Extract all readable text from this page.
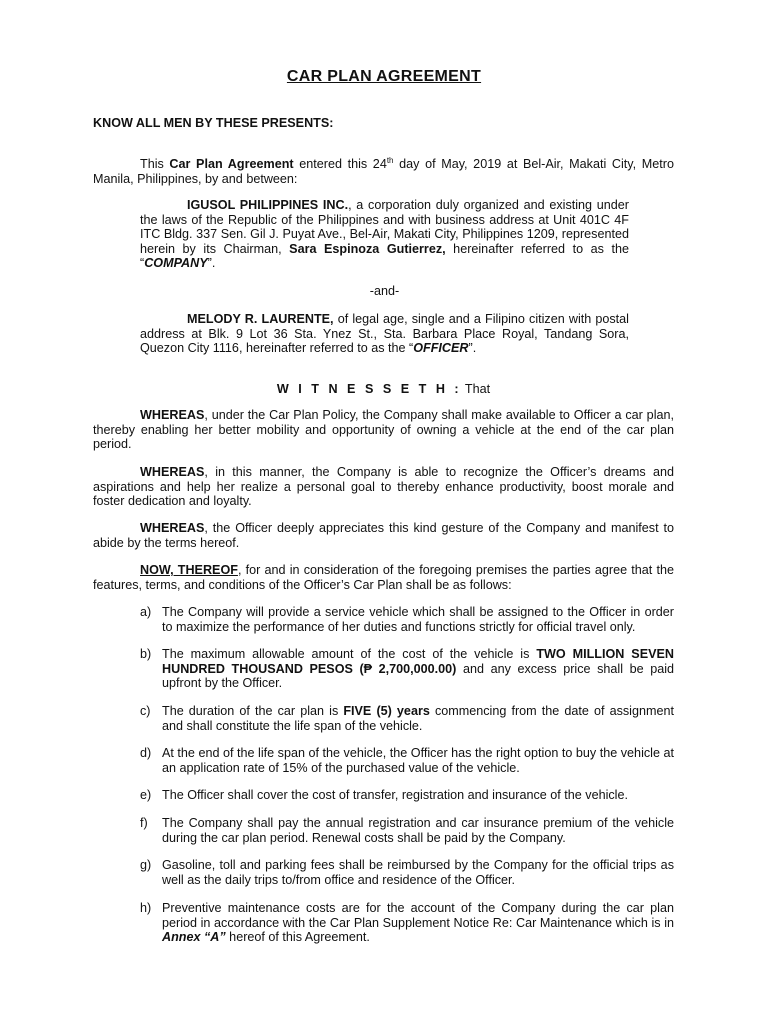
CAR PLAN AGREEMENT

KNOW ALL MEN BY THESE PRESENTS:

This Car Plan Agreement entered this 24th day of May, 2019 at Bel-Air, Makati City, Metro Manila, Philippines, by and between:

IGUSOL PHILIPPINES INC., a corporation duly organized and existing under the laws of the Republic of the Philippines and with business address at Unit 401C 4F ITC Bldg. 337 Sen. Gil J. Puyat Ave., Bel-Air, Makati City, Philippines 1209, represented herein by its Chairman, Sara Espinoza Gutierrez, hereinafter referred to as the “COMPANY”.

-and-

MELODY R. LAURENTE, of legal age, single and a Filipino citizen with postal address at Blk. 9 Lot 36 Sta. Ynez St., Sta. Barbara Place Royal, Tandang Sora, Quezon City 1116, hereinafter referred to as the “OFFICER”.

W I T N E S S E T H : That

WHEREAS, under the Car Plan Policy, the Company shall make available to Officer a car plan, thereby enabling her better mobility and opportunity of owning a vehicle at the end of the car plan period.

WHEREAS, in this manner, the Company is able to recognize the Officer’s dreams and aspirations and help her realize a personal goal to thereby enhance productivity, boost morale and foster dedication and loyalty.

WHEREAS, the Officer deeply appreciates this kind gesture of the Company and manifest to abide by the terms hereof.

NOW, THEREOF, for and in consideration of the foregoing premises the parties agree that the features, terms, and conditions of the Officer’s Car Plan shall be as follows:

a) The Company will provide a service vehicle which shall be assigned to the Officer in order to maximize the performance of her duties and functions strictly for official travel only.
b) The maximum allowable amount of the cost of the vehicle is TWO MILLION SEVEN HUNDRED THOUSAND PESOS (₱ 2,700,000.00) and any excess price shall be paid upfront by the Officer.
c) The duration of the car plan is FIVE (5) years commencing from the date of assignment and shall constitute the life span of the vehicle.
d) At the end of the life span of the vehicle, the Officer has the right option to buy the vehicle at an application rate of 15% of the purchased value of the vehicle.
e) The Officer shall cover the cost of transfer, registration and insurance of the vehicle.
f) The Company shall pay the annual registration and car insurance premium of the vehicle during the car plan period. Renewal costs shall be paid by the Company.
g) Gasoline, toll and parking fees shall be reimbursed by the Company for the official trips as well as the daily trips to/from office and residence of the Officer.
h) Preventive maintenance costs are for the account of the Company during the car plan period in accordance with the Car Plan Supplement Notice Re: Car Maintenance which is in Annex “A” hereof of this Agreement.
